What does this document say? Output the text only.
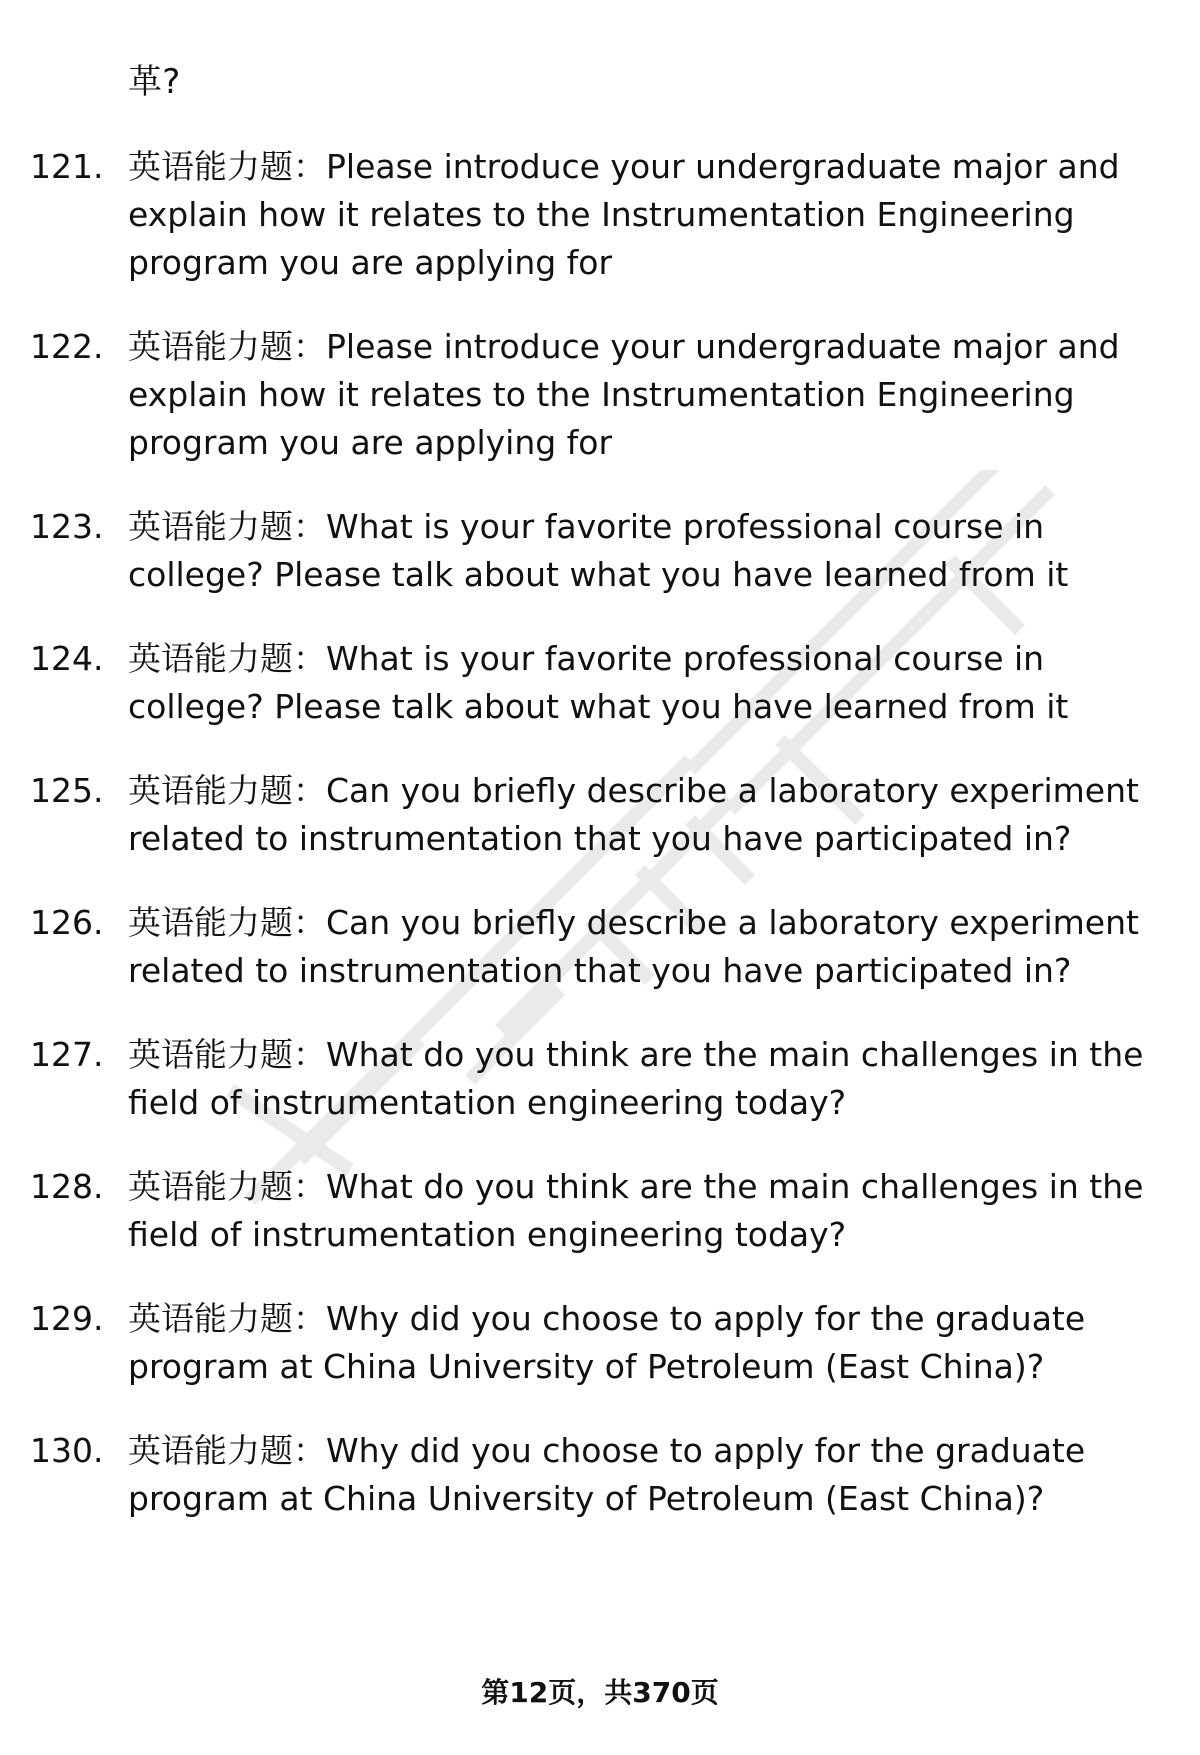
革?
121. 英语能力题：Please introduce your undergraduate major and explain how it relates to the Instrumentation Engineering program you are applying for
122. 英语能力题：Please introduce your undergraduate major and explain how it relates to the Instrumentation Engineering program you are applying for
123. 英语能力题：What is your favorite professional course in college? Please talk about what you have learned from it
124. 英语能力题：What is your favorite professional course in college? Please talk about what you have learned from it
125. 英语能力题：Can you briefly describe a laboratory experiment related to instrumentation that you have participated in?
126. 英语能力题：Can you briefly describe a laboratory experiment related to instrumentation that you have participated in?
127. 英语能力题：What do you think are the main challenges in the field of instrumentation engineering today?
128. 英语能力题：What do you think are the main challenges in the field of instrumentation engineering today?
129. 英语能力题：Why did you choose to apply for the graduate program at China University of Petroleum (East China)?
130. 英语能力题：Why did you choose to apply for the graduate program at China University of Petroleum (East China)?
第12页，共370页
